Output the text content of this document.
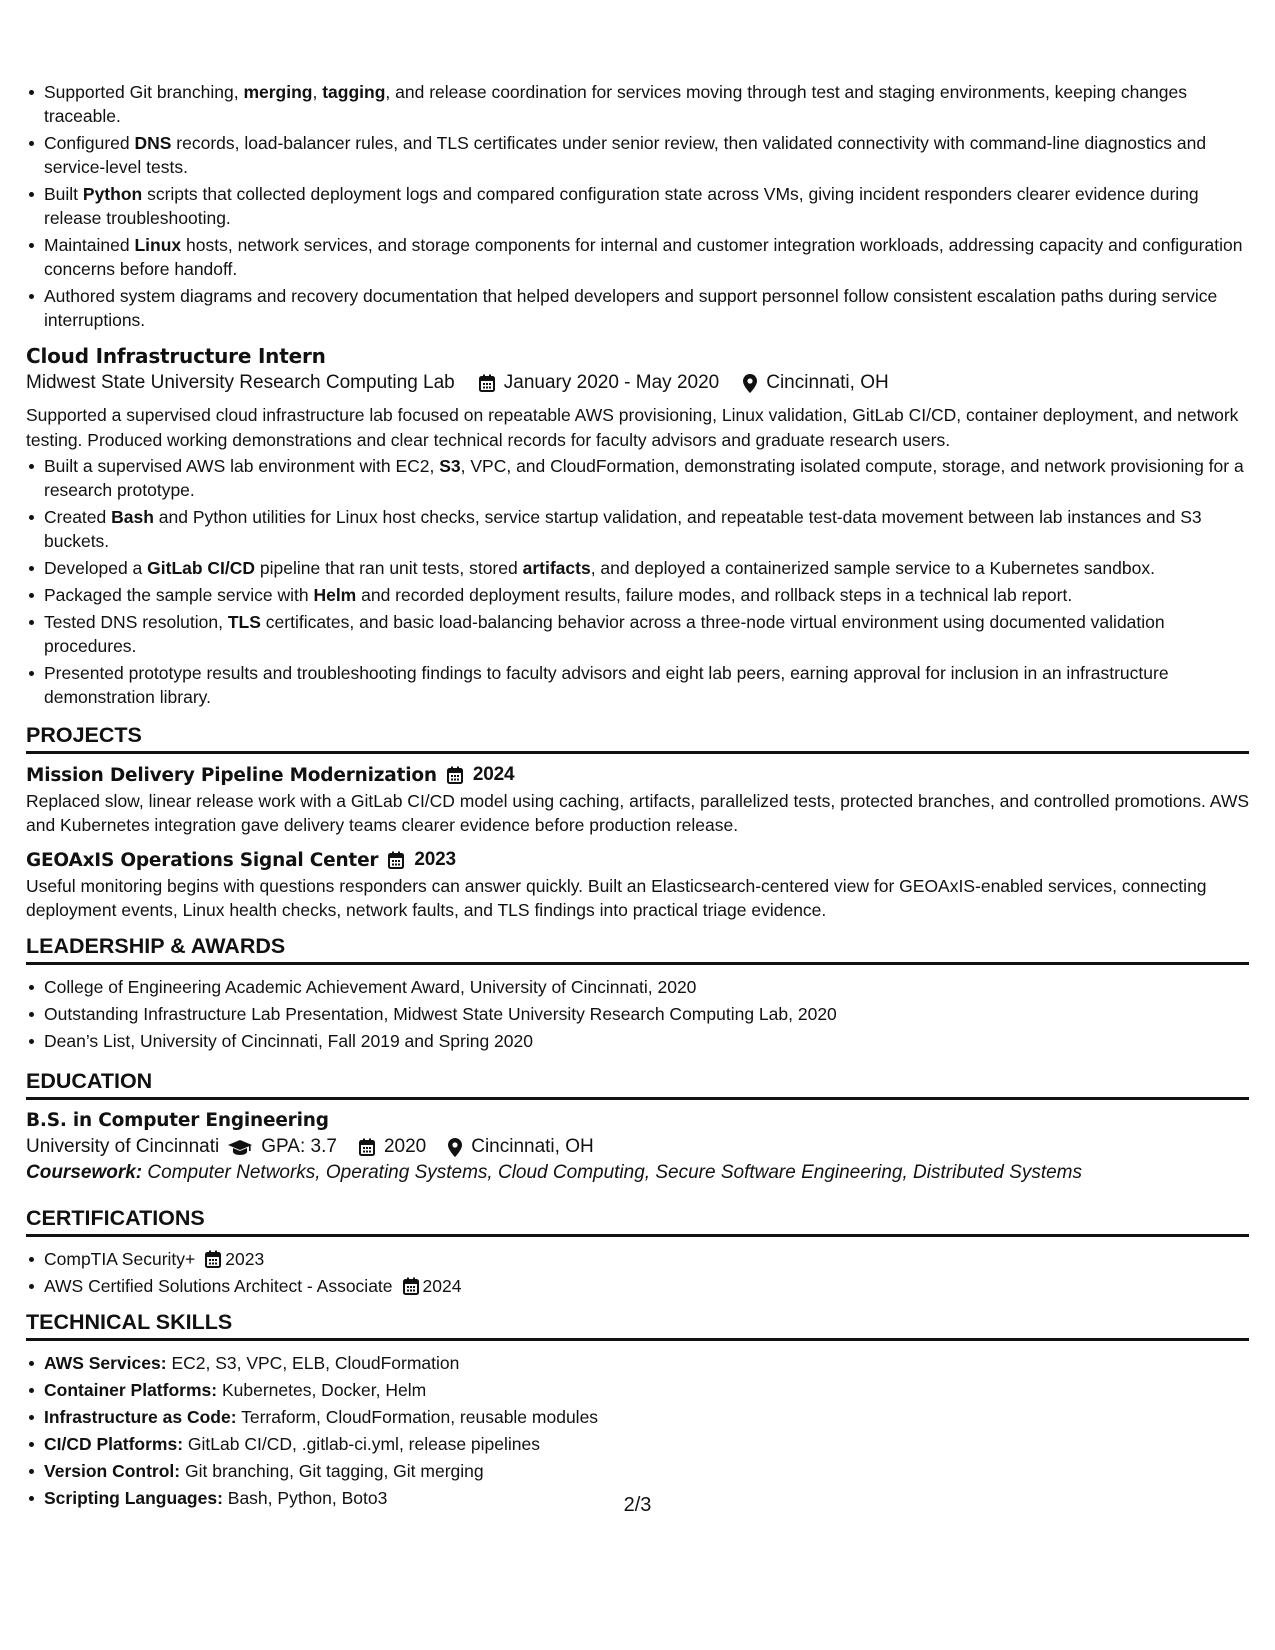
Supported Git branching, merging, tagging, and release coordination for services moving through test and staging environments, keeping changes traceable.
Configured DNS records, load-balancer rules, and TLS certificates under senior review, then validated connectivity with command-line diagnostics and service-level tests.
Built Python scripts that collected deployment logs and compared configuration state across VMs, giving incident responders clearer evidence during release troubleshooting.
Maintained Linux hosts, network services, and storage components for internal and customer integration workloads, addressing capacity and configuration concerns before handoff.
Authored system diagrams and recovery documentation that helped developers and support personnel follow consistent escalation paths during service interruptions.
Cloud Infrastructure Intern
Midwest State University Research Computing Lab	January 2020 - May 2020 Cincinnati, OH
Supported a supervised cloud infrastructure lab focused on repeatable AWS provisioning, Linux validation, GitLab CI/CD, container deployment, and network testing. Produced working demonstrations and clear technical records for faculty advisors and graduate research users.
Built a supervised AWS lab environment with EC2, S3, VPC, and CloudFormation, demonstrating isolated compute, storage, and network provisioning for a research prototype.
Created Bash and Python utilities for Linux host checks, service startup validation, and repeatable test-data movement between lab instances and S3 buckets.
Developed a GitLab CI/CD pipeline that ran unit tests, stored artifacts, and deployed a containerized sample service to a Kubernetes sandbox.
Packaged the sample service with Helm and recorded deployment results, failure modes, and rollback steps in a technical lab report.
Tested DNS resolution, TLS certificates, and basic load-balancing behavior across a three-node virtual environment using documented validation procedures.
Presented prototype results and troubleshooting findings to faculty advisors and eight lab peers, earning approval for inclusion in an infrastructure demonstration library.
PROJECTS
Mission Delivery Pipeline Modernization 2024
Replaced slow, linear release work with a GitLab CI/CD model using caching, artifacts, parallelized tests, protected branches, and controlled promotions. AWS and Kubernetes integration gave delivery teams clearer evidence before production release.
GEOAxIS Operations Signal Center 2023
Useful monitoring begins with questions responders can answer quickly. Built an Elasticsearch-centered view for GEOAxIS-enabled services, connecting deployment events, Linux health checks, network faults, and TLS findings into practical triage evidence.
LEADERSHIP & AWARDS
College of Engineering Academic Achievement Award, University of Cincinnati, 2020
Outstanding Infrastructure Lab Presentation, Midwest State University Research Computing Lab, 2020
Dean’s List, University of Cincinnati, Fall 2019 and Spring 2020
EDUCATION
B.S. in Computer Engineering
University of Cincinnati GPA: 3.7 2020 Cincinnati, OH
Coursework: Computer Networks, Operating Systems, Cloud Computing, Secure Software Engineering, Distributed Systems
CERTIFICATIONS
CompTIA Security+ 2023
AWS Certified Solutions Architect - Associate 2024
TECHNICAL SKILLS
AWS Services: EC2, S3, VPC, ELB, CloudFormation
Container Platforms: Kubernetes, Docker, Helm
Infrastructure as Code: Terraform, CloudFormation, reusable modules
CI/CD Platforms: GitLab CI/CD, .gitlab-ci.yml, release pipelines
Version Control: Git branching, Git tagging, Git merging
Scripting Languages: Bash, Python, Boto3	2/3
